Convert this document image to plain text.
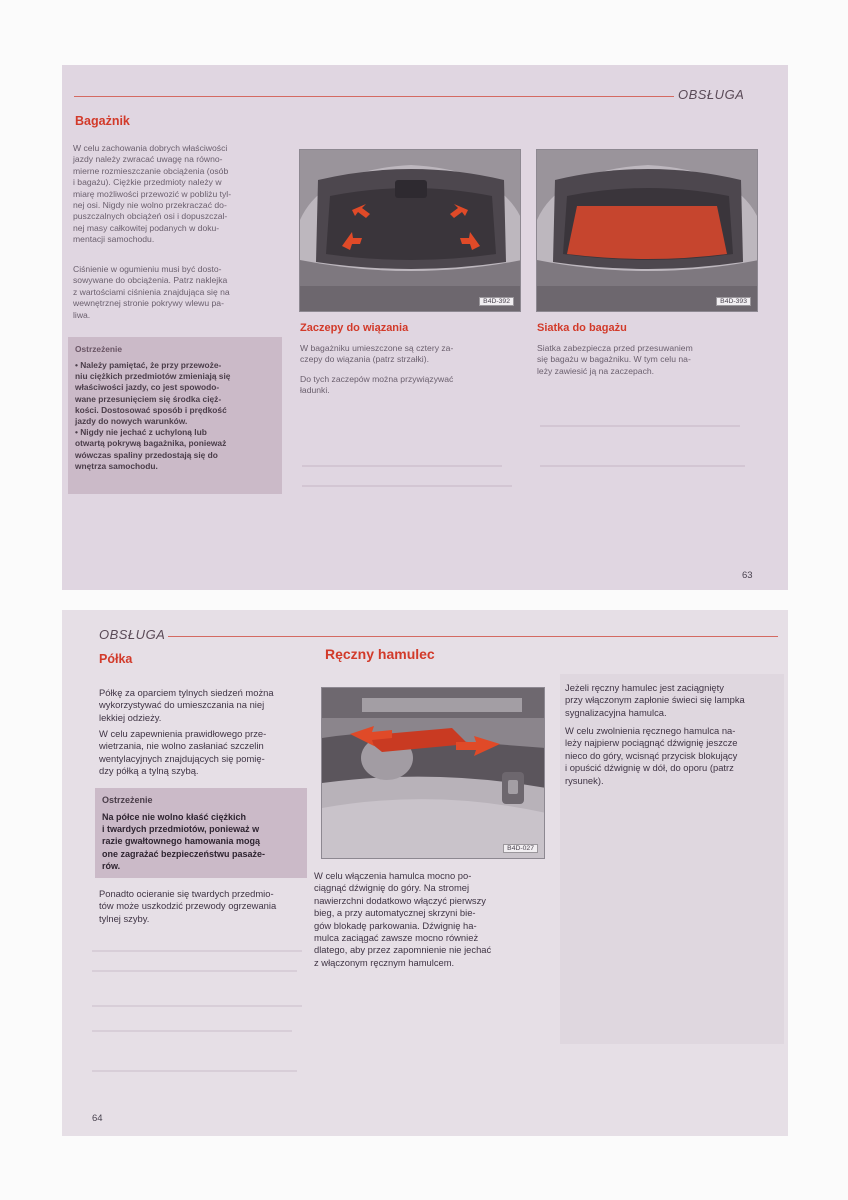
OBSŁUGA
Bagażnik
W celu zachowania dobrych właściwości
jazdy należy zwracać uwagę na równo-
mierne rozmieszczanie obciążenia (osób
i bagażu). Ciężkie przedmioty należy w
miarę możliwości przewozić w pobliżu tyl-
nej osi. Nigdy nie wolno przekraczać do-
puszczalnych obciążeń osi i dopuszczal-
nej masy całkowitej podanych w doku-
mentacji samochodu.
Ciśnienie w ogumieniu musi być dosto-
sowywane do obciążenia. Patrz naklejka
z wartościami ciśnienia znajdująca się na
wewnętrznej stronie pokrywy wlewu pa-
liwa.
Ostrzeżenie
• Należy pamiętać, że przy przewoże-
niu ciężkich przedmiotów zmieniają się
właściwości jazdy, co jest spowodo-
wane przesunięciem się środka cięż-
kości. Dostosować sposób i prędkość
jazdy do nowych warunków.
• Nigdy nie jechać z uchyloną lub
otwartą pokrywą bagażnika, ponieważ
wówczas spaliny przedostają się do
wnętrza samochodu.
B4D-392	B4D-393
Zaczepy do wiązania
W bagażniku umieszczone są cztery za-
czepy do wiązania (patrz strzałki).
Do tych zaczepów można przywiązywać
ładunki.
Siatka do bagażu
Siatka zabezpiecza przed przesuwaniem
się bagażu w bagażniku. W tym celu na-
leży zawiesić ją na zaczepach.
63
OBSŁUGA
Półka
Półkę za oparciem tylnych siedzeń można
wykorzystywać do umieszczania na niej
lekkiej odzieży.
W celu zapewnienia prawidłowego prze-
wietrzania, nie wolno zasłaniać szczelin
wentylacyjnych znajdujących się pomię-
dzy półką a tylną szybą.
Ostrzeżenie
Na półce nie wolno kłaść ciężkich
i twardych przedmiotów, ponieważ w
razie gwałtownego hamowania mogą
one zagrażać bezpieczeństwu pasaże-
rów.
Ponadto ocieranie się twardych przedmio-
tów może uszkodzić przewody ogrzewania
tylnej szyby.
Ręczny hamulec
B4D-027
W celu włączenia hamulca mocno po-
ciągnąć dźwignię do góry. Na stromej
nawierzchni dodatkowo włączyć pierwszy
bieg, a przy automatycznej skrzyni bie-
gów blokadę parkowania. Dźwignię ha-
mulca zaciągać zawsze mocno również
dlatego, aby przez zapomnienie nie jechać
z włączonym ręcznym hamulcem.
Jeżeli ręczny hamulec jest zaciągnięty
przy włączonym zapłonie świeci się lampka
sygnalizacyjna hamulca.
W celu zwolnienia ręcznego hamulca na-
leży najpierw pociągnąć dźwignię jeszcze
nieco do góry, wcisnąć przycisk blokujący
i opuścić dźwignię w dół, do oporu (patrz
rysunek).
64
